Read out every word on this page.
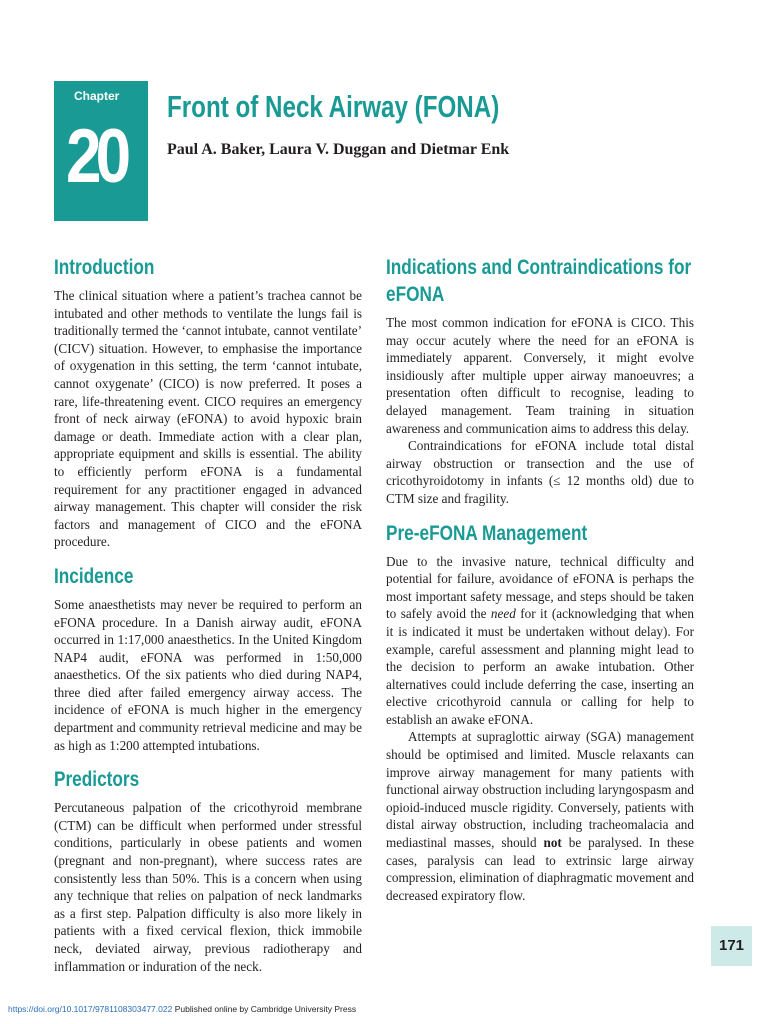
Chapter
20
Front of Neck Airway (FONA)
Paul A. Baker, Laura V. Duggan and Dietmar Enk
Introduction

The clinical situation where a patient’s trachea cannot be intubated and other methods to ventilate the lungs fail is traditionally termed the ‘cannot intubate, cannot ventilate’ (CICV) situation. However, to emphasise the importance of oxygenation in this setting, the term ‘cannot intubate, cannot oxygenate’ (CICO) is now preferred. It poses a rare, life-threatening event. CICO requires an emergency front of neck airway (eFONA) to avoid hypoxic brain damage or death. Immediate action with a clear plan, appropriate equipment and skills is essential. The ability to efficiently perform eFONA is a fundamental requirement for any practitioner engaged in advanced airway management. This chapter will consider the risk factors and management of CICO and the eFONA procedure.

Incidence

Some anaesthetists may never be required to perform an eFONA procedure. In a Danish airway audit, eFONA occurred in 1:17,000 anaesthetics. In the United Kingdom NAP4 audit, eFONA was performed in 1:50,000 anaesthetics. Of the six patients who died during NAP4, three died after failed emergency airway access. The incidence of eFONA is much higher in the emergency department and community retrieval medicine and may be as high as 1:200 attempted intubations.

Predictors

Percutaneous palpation of the cricothyroid membrane (CTM) can be difficult when performed under stressful conditions, particularly in obese patients and women (pregnant and non-pregnant), where success rates are consistently less than 50%. This is a concern when using any technique that relies on palpation of neck landmarks as a first step. Palpation difficulty is also more likely in patients with a fixed cervical flexion, thick immobile neck, deviated airway, previous radiotherapy and inflammation or induration of the neck.

Indications and Contraindications for eFONA

The most common indication for eFONA is CICO. This may occur acutely where the need for an eFONA is immediately apparent. Conversely, it might evolve insidiously after multiple upper airway manoeuvres; a presentation often difficult to recognise, leading to delayed management. Team training in situation awareness and communication aims to address this delay.

Contraindications for eFONA include total distal airway obstruction or transection and the use of cricothyroidotomy in infants (≤ 12 months old) due to CTM size and fragility.

Pre-eFONA Management

Due to the invasive nature, technical difficulty and potential for failure, avoidance of eFONA is perhaps the most important safety message, and steps should be taken to safely avoid the need for it (acknowledging that when it is indicated it must be undertaken without delay). For example, careful assessment and planning might lead to the decision to perform an awake intubation. Other alternatives could include deferring the case, inserting an elective cricothyroid cannula or calling for help to establish an awake eFONA.

Attempts at supraglottic airway (SGA) management should be optimised and limited. Muscle relaxants can improve airway management for many patients with functional airway obstruction including laryngospasm and opioid-induced muscle rigidity. Conversely, patients with distal airway obstruction, including tracheomalacia and mediastinal masses, should not be paralysed. In these cases, paralysis can lead to extrinsic large airway compression, elimination of diaphragmatic movement and decreased expiratory flow.

171
https://doi.org/10.1017/9781108303477.022 Published online by Cambridge University Press
